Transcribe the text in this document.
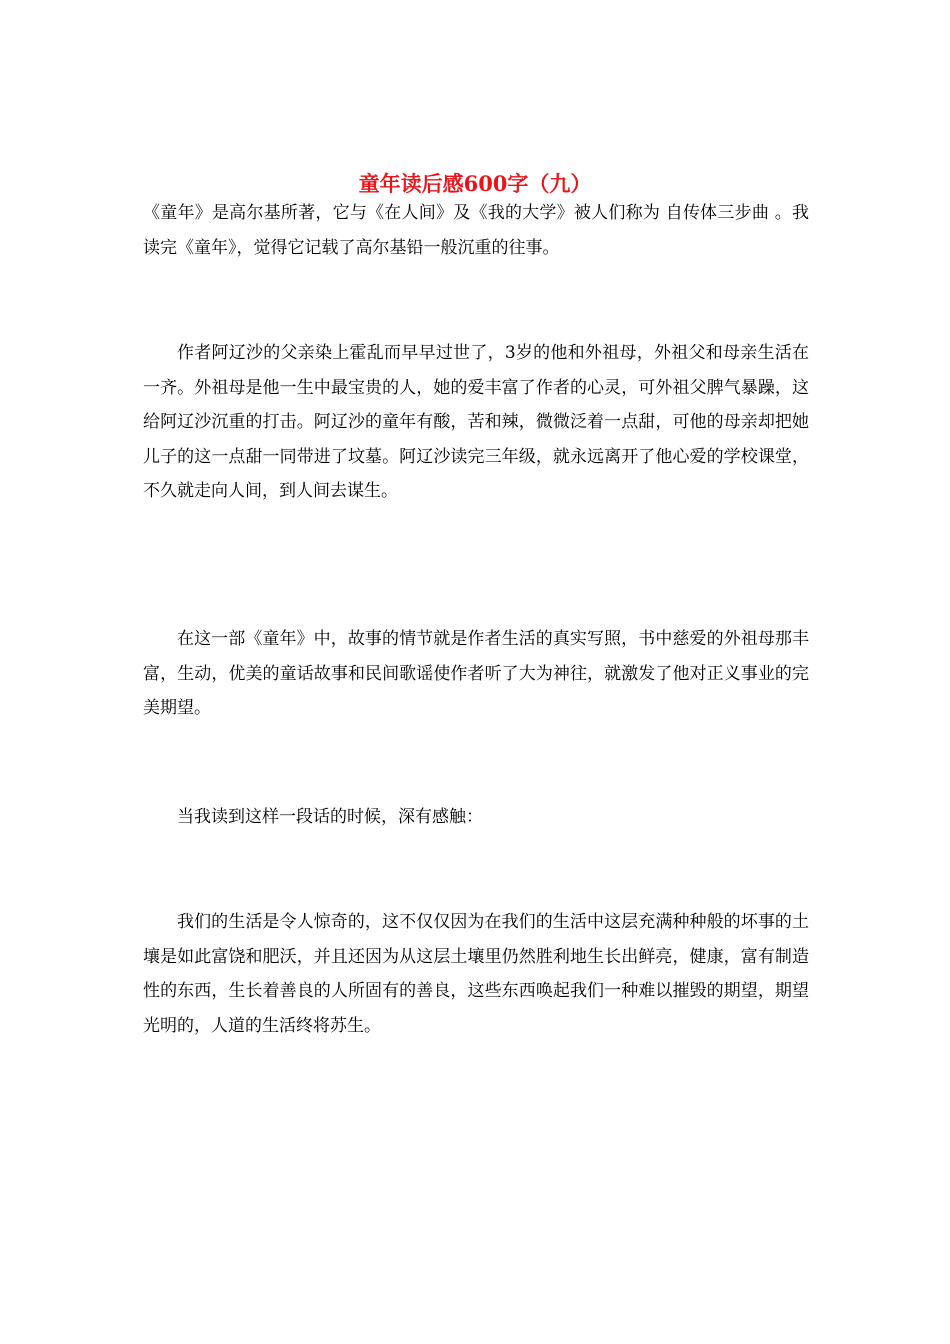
童年读后感600字（九）

《童年》是高尔基所著，它与《在人间》及《我的大学》被人们称为 自传体三步曲 。我读完《童年》，觉得它记载了高尔基铅一般沉重的往事。

作者阿辽沙的父亲染上霍乱而早早过世了，3岁的他和外祖母，外祖父和母亲生活在一齐。外祖母是他一生中最宝贵的人，她的爱丰富了作者的心灵，可外祖父脾气暴躁，这给阿辽沙沉重的打击。阿辽沙的童年有酸，苦和辣，微微泛着一点甜，可他的母亲却把她儿子的这一点甜一同带进了坟墓。阿辽沙读完三年级，就永远离开了他心爱的学校课堂，不久就走向人间，到人间去谋生。

在这一部《童年》中，故事的情节就是作者生活的真实写照，书中慈爱的外祖母那丰富，生动，优美的童话故事和民间歌谣使作者听了大为神往，就激发了他对正义事业的完美期望。

当我读到这样一段话的时候，深有感触：

我们的生活是令人惊奇的，这不仅仅因为在我们的生活中这层充满种种般的坏事的土壤是如此富饶和肥沃，并且还因为从这层土壤里仍然胜利地生长出鲜亮，健康，富有制造性的东西，生长着善良的人所固有的善良，这些东西唤起我们一种难以摧毁的期望，期望光明的，人道的生活终将苏生。
